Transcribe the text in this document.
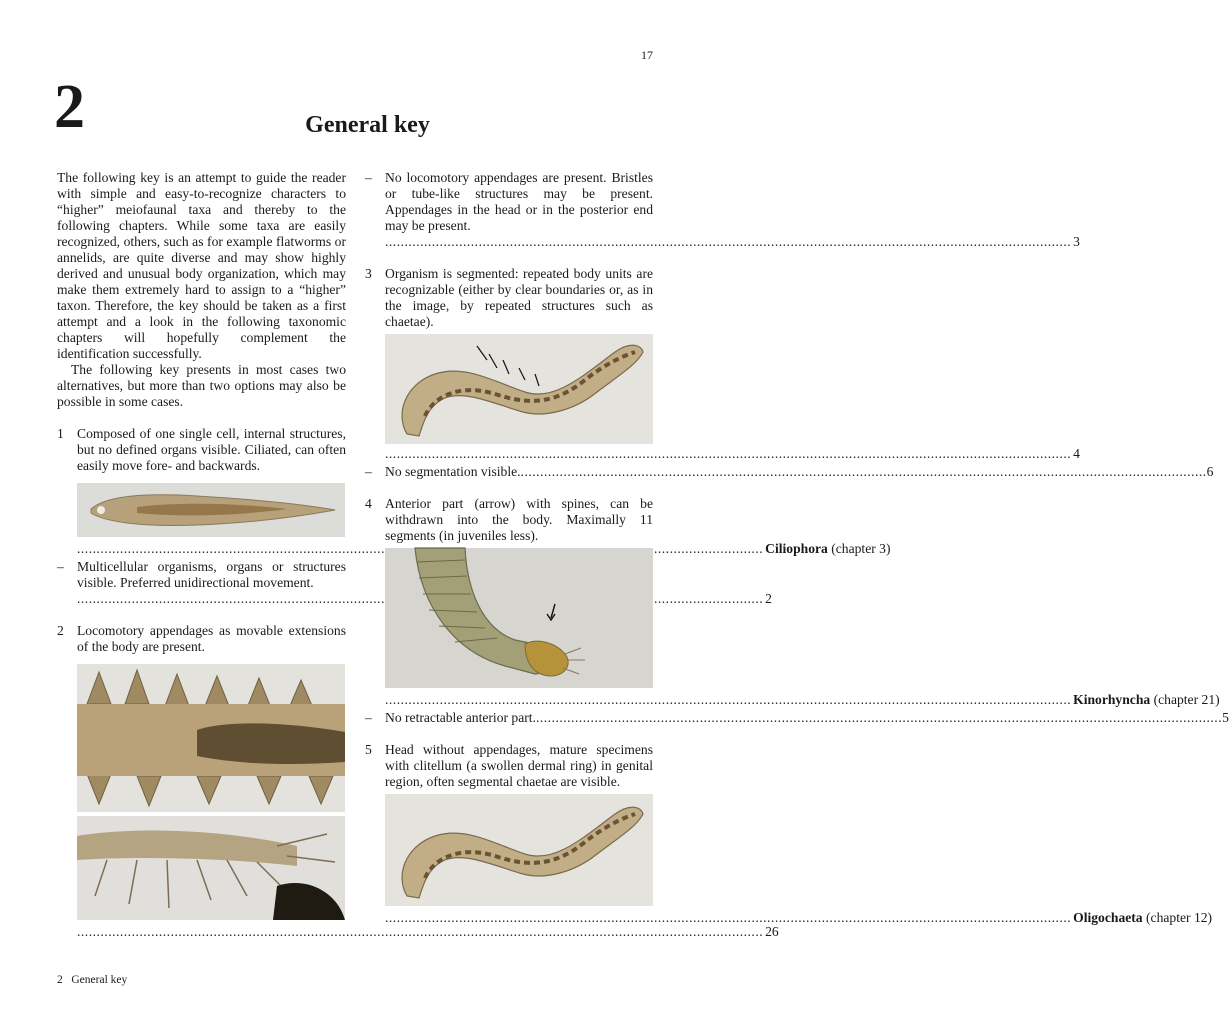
17
2	General key

The following key is an attempt to guide the reader with simple and easy-to-recognize characters to “higher” meiofaunal taxa and thereby to the following chapters. While some taxa are easily recognized, others, such as for example flatworms or annelids, are quite diverse and may show highly derived and unusual body organization, which may make them extremely hard to assign to a “higher” taxon. Therefore, the key should be taken as a first attempt and a look in the following taxonomic chapters will hopefully complement the identification successfully.

The following key presents in most cases two alternatives, but more than two options may also be possible in some cases.

1 Composed of one single cell, internal structures, but no defined organs visible. Ciliated, can often easily move fore- and backwards.
.....
Ciliophora (chapter 3)
– Multicellular organisms, organs or structures visible. Preferred unidirectional movement.
.....
2
2 Locomotory appendages as movable extensions of the body are present.
.....
26
– No locomotory appendages are present. Bristles or tube-like structures may be present. Appendages in the head or in the posterior end may be present.
.....
3
3 Organism is segmented: repeated body units are recognizable (either by clear boundaries or, as in the image, by repeated structures such as chaetae).
.....
4
– No segmentation visible. .....	6
4 Anterior part (arrow) with spines, can be withdrawn into the body. Maximally 11 segments (in juveniles less).
.....
Kinorhyncha (chapter 21)
– No retractable anterior part. .....	5
5 Head without appendages, mature specimens with clitellum (a swollen dermal ring) in genital region, often segmental chaetae are visible.
.....
Oligochaeta (chapter 12)
2 General key
